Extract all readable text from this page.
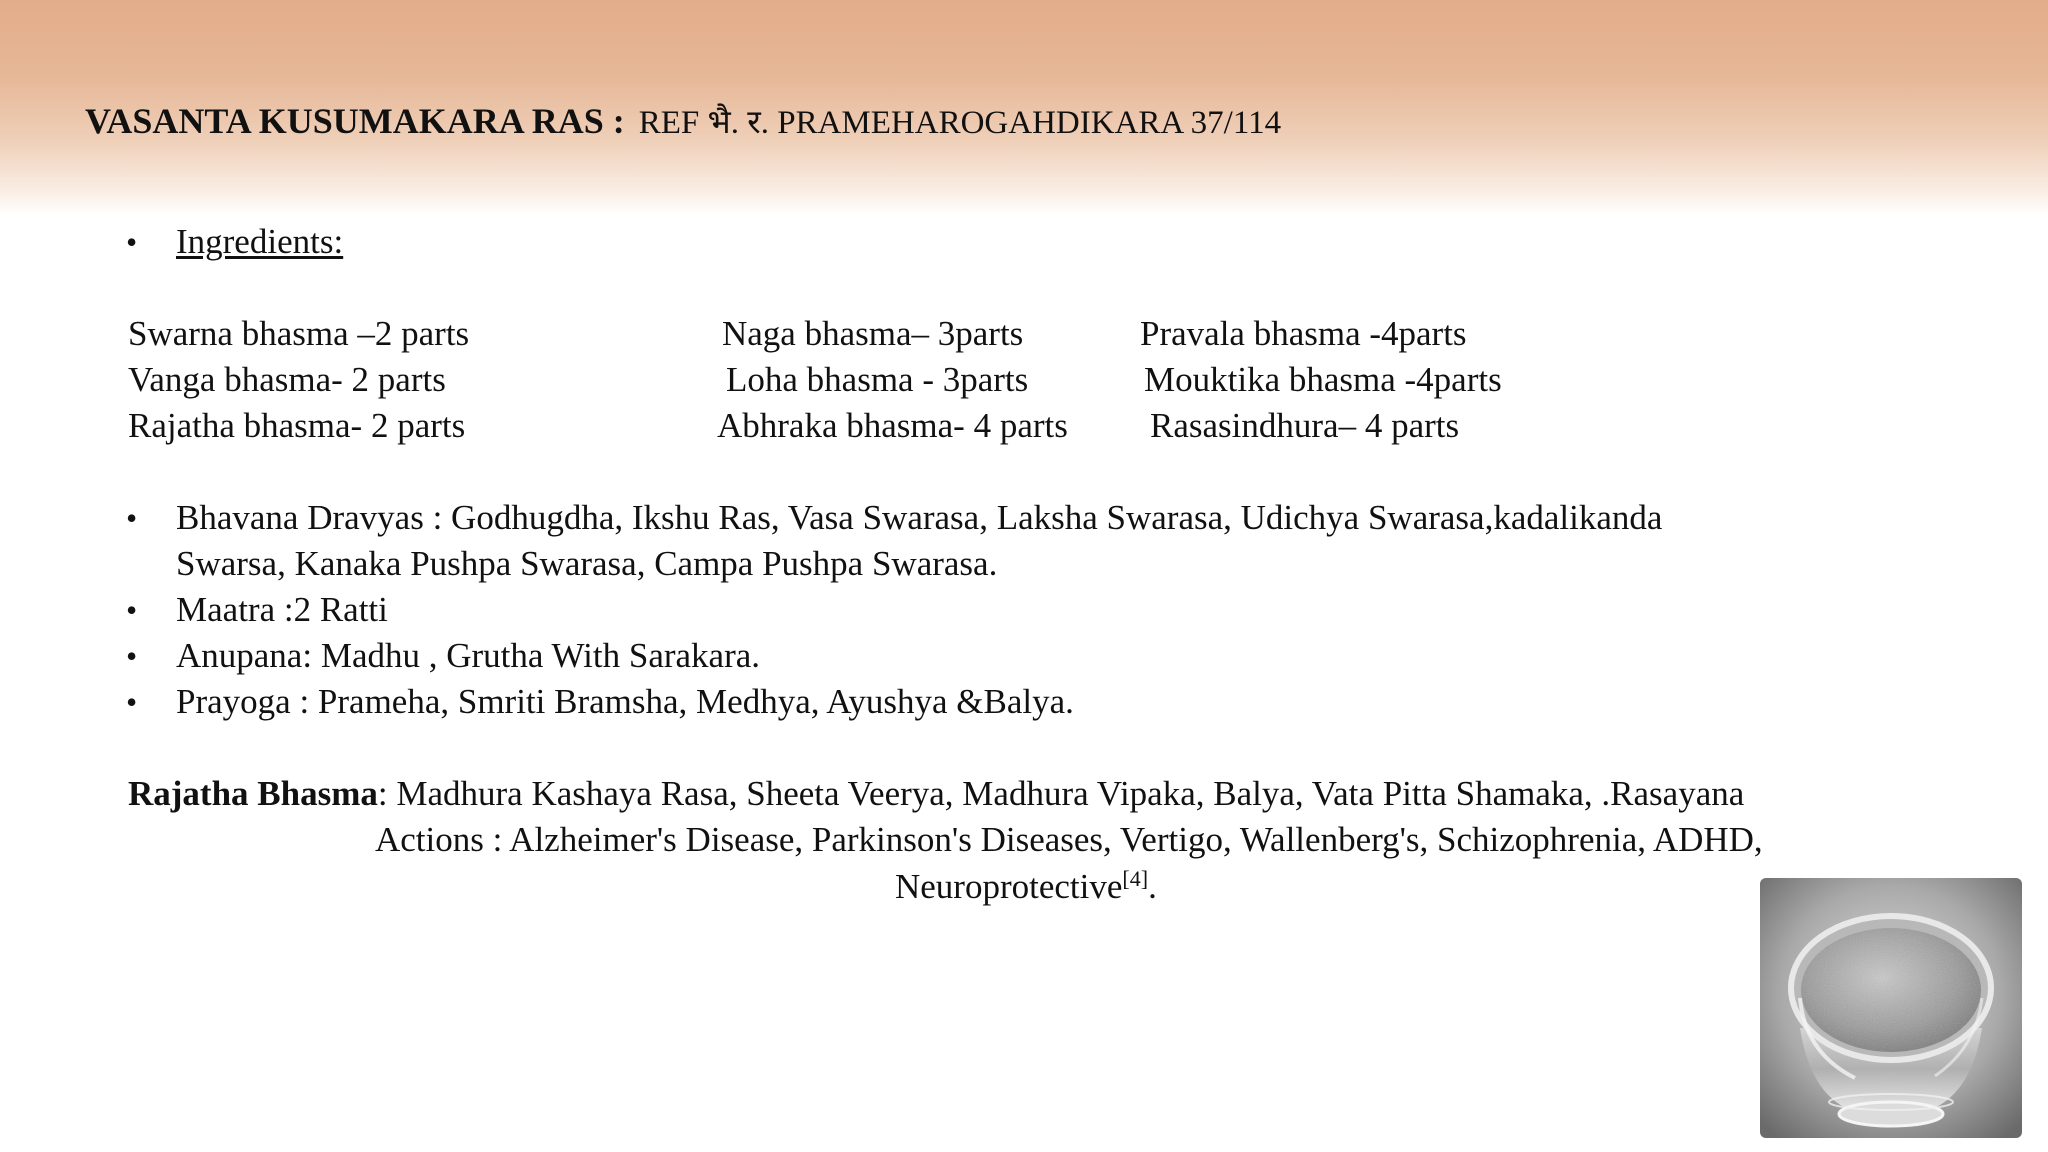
VASANTA KUSUMAKARA RAS : REF भै. र. PRAMEHAROGAHDIKARA 37/114
• Ingredients:
Swarna bhasma –2 parts	Naga bhasma– 3parts	Pravala bhasma -4parts
Vanga bhasma- 2 parts	Loha bhasma - 3parts	Mouktika bhasma -4parts
Rajatha bhasma- 2 parts	Abhraka bhasma- 4 parts Rasasindhura– 4 parts
• Bhavana Dravyas : Godhugdha, Ikshu Ras, Vasa Swarasa, Laksha Swarasa, Udichya Swarasa,kadalikanda
Swarsa, Kanaka Pushpa Swarasa, Campa Pushpa Swarasa.
• Maatra :2 Ratti
• Anupana: Madhu , Grutha With Sarakara.
• Prayoga : Prameha, Smriti Bramsha, Medhya, Ayushya &Balya.
Rajatha Bhasma: Madhura Kashaya Rasa, Sheeta Veerya, Madhura Vipaka, Balya, Vata Pitta Shamaka, .Rasayana
Actions : Alzheimer's Disease, Parkinson's Diseases, Vertigo, Wallenberg's, Schizophrenia, ADHD,
Neuroprotective[4].
